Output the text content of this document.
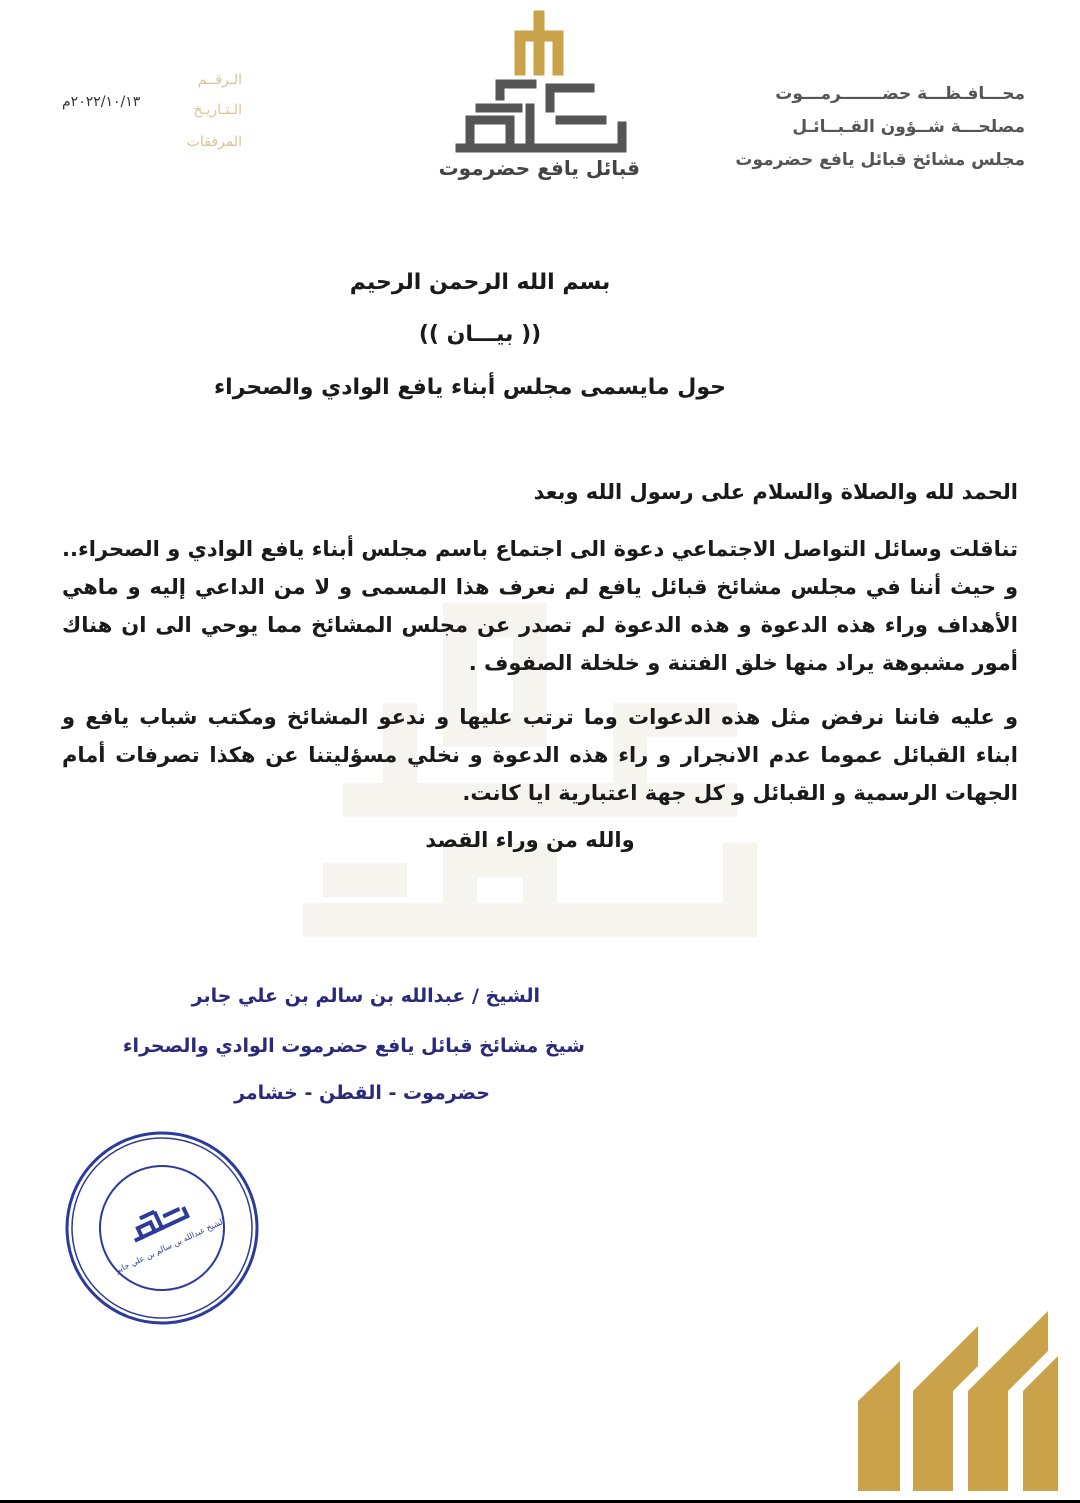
محـــافـظـــة حضـــــــرمـــوت
مصلحـــة شــؤون القـبــائـل
مجلس مشائخ قبائل يافع حضرموت
الـرقــم
الـتـاريـخ
المرفقات
٢٠٢٢/١٠/١٣م
قبائل يافع حضرموت
بسم الله الرحمن الرحيم
(( بيـــان ))
حول مايسمى مجلس أبناء يافع الوادي والصحراء
الحمد لله والصلاة والسلام على رسول الله وبعد
تناقلت وسائل التواصل الاجتماعي دعوة الى اجتماع باسم مجلس أبناء يافع الوادي و الصحراء.. و حيث أننا في مجلس مشائخ قبائل يافع لم نعرف هذا المسمى و لا من الداعي إليه و ماهي الأهداف وراء هذه الدعوة و هذه الدعوة لم تصدر عن مجلس المشائخ مما يوحي الى ان هناك أمور مشبوهة يراد منها خلق الفتنة و خلخلة الصفوف .
و عليه فاننا نرفض مثل هذه الدعوات وما ترتب عليها و ندعو المشائخ ومكتب شباب يافع و ابناء القبائل عموما عدم الانجرار و راء هذه الدعوة و نخلي مسؤليتنا عن هكذا تصرفات أمام الجهات الرسمية و القبائل و كل جهة اعتبارية ايا كانت.
والله من وراء القصد
الشيخ / عبدالله بن سالم بن علي جابر
شيخ مشائخ قبائل يافع حضرموت الوادي والصحراء
حضرموت - القطن - خشامر
الشيخ عبدالله بن سالم بن علي جابر
